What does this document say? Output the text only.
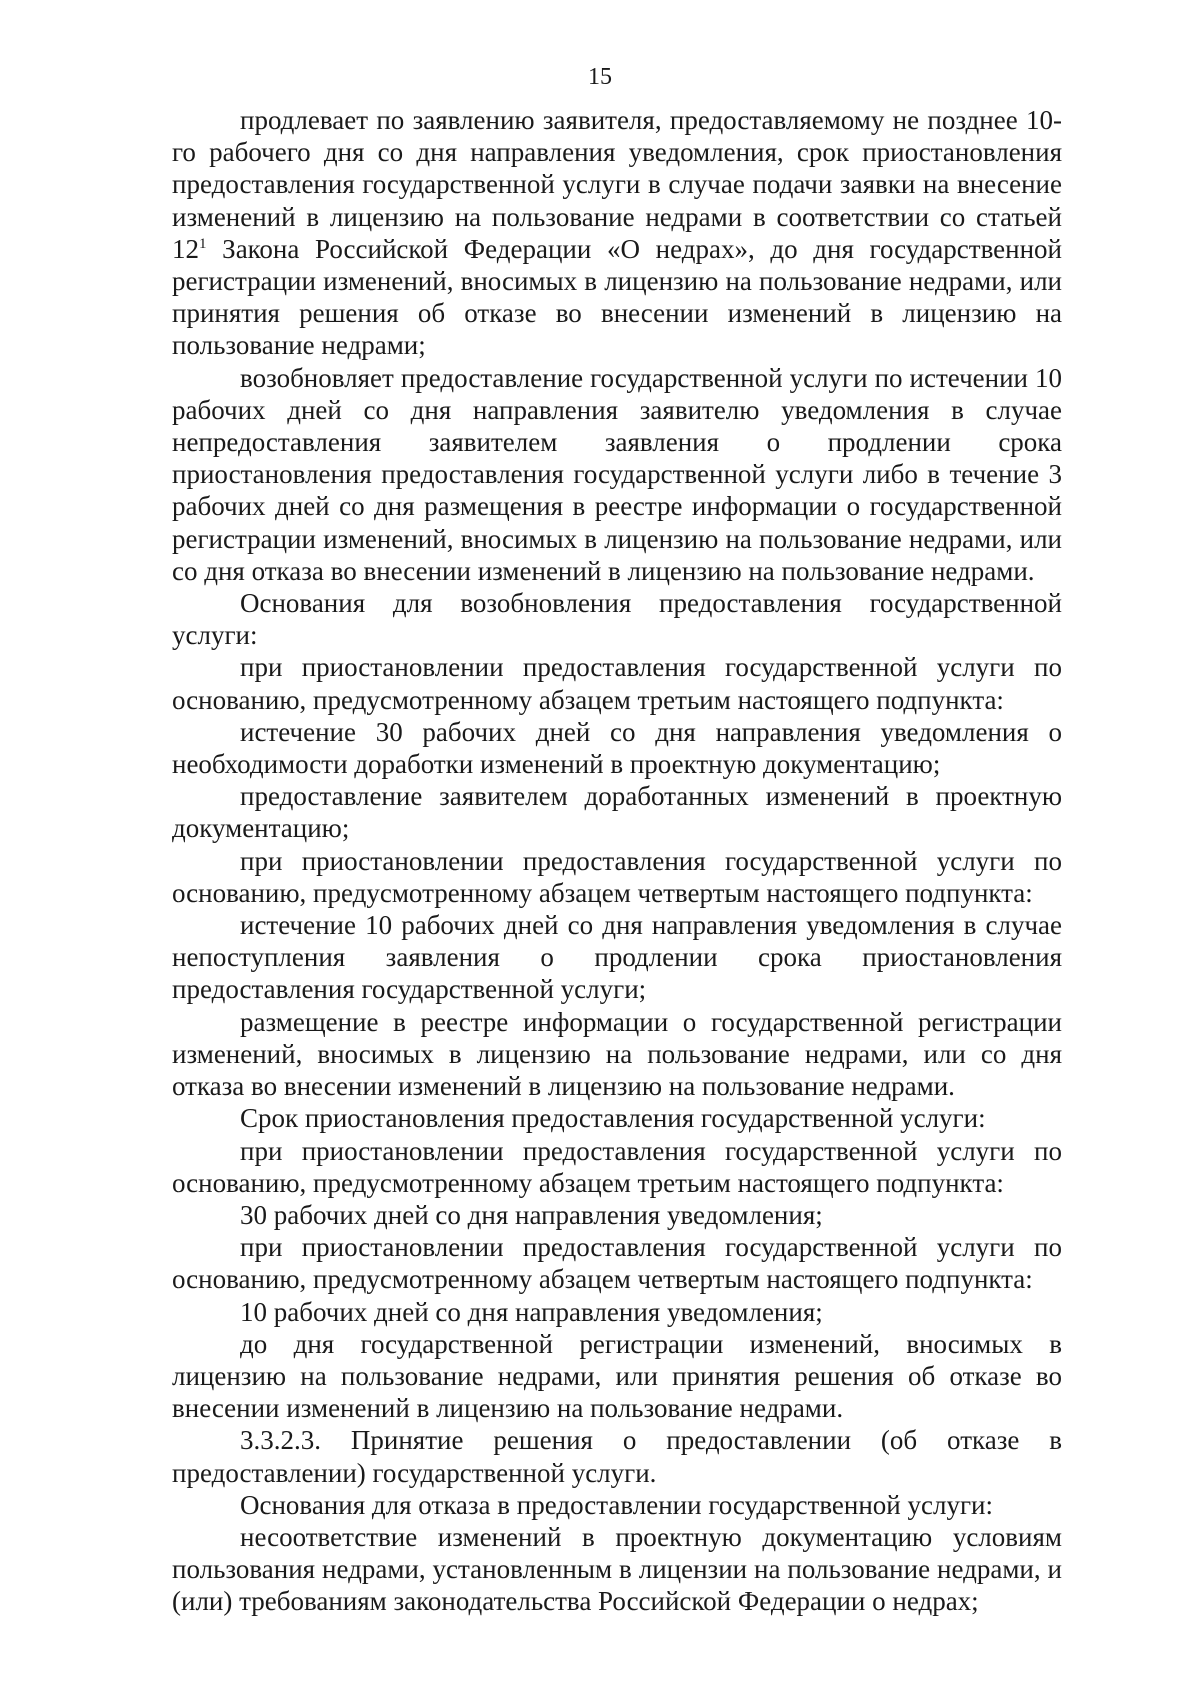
15

продлевает по заявлению заявителя, предоставляемому не позднее 10-го рабочего дня со дня направления уведомления, срок приостановления предоставления государственной услуги в случае подачи заявки на внесение изменений в лицензию на пользование недрами в соответствии со статьей $12^1$ Закона Российской Федерации «О недрах», до дня государственной регистрации изменений, вносимых в лицензию на пользование недрами, или принятия решения об отказе во внесении изменений в лицензию на пользование недрами;

возобновляет предоставление государственной услуги по истечении 10 рабочих дней со дня направления заявителю уведомления в случае непредоставления заявителем заявления о продлении срока приостановления предоставления государственной услуги либо в течение 3 рабочих дней со дня размещения в реестре информации о государственной регистрации изменений, вносимых в лицензию на пользование недрами, или со дня отказа во внесении изменений в лицензию на пользование недрами.

Основания для возобновления предоставления государственной услуги:

при приостановлении предоставления государственной услуги по основанию, предусмотренному абзацем третьим настоящего подпункта:

истечение 30 рабочих дней со дня направления уведомления о необходимости доработки изменений в проектную документацию;

предоставление заявителем доработанных изменений в проектную документацию;

при приостановлении предоставления государственной услуги по основанию, предусмотренному абзацем четвертым настоящего подпункта:

истечение 10 рабочих дней со дня направления уведомления в случае непоступления заявления о продлении срока приостановления предоставления государственной услуги;

размещение в реестре информации о государственной регистрации изменений, вносимых в лицензию на пользование недрами, или со дня отказа во внесении изменений в лицензию на пользование недрами.

Срок приостановления предоставления государственной услуги:

при приостановлении предоставления государственной услуги по основанию, предусмотренному абзацем третьим настоящего подпункта:

30 рабочих дней со дня направления уведомления;

при приостановлении предоставления государственной услуги по основанию, предусмотренному абзацем четвертым настоящего подпункта:

10 рабочих дней со дня направления уведомления;

до дня государственной регистрации изменений, вносимых в лицензию на пользование недрами, или принятия решения об отказе во внесении изменений в лицензию на пользование недрами.

3.3.2.3. Принятие решения о предоставлении (об отказе в предоставлении) государственной услуги.

Основания для отказа в предоставлении государственной услуги:

несоответствие изменений в проектную документацию условиям пользования недрами, установленным в лицензии на пользование недрами, и (или) требованиям законодательства Российской Федерации о недрах;
